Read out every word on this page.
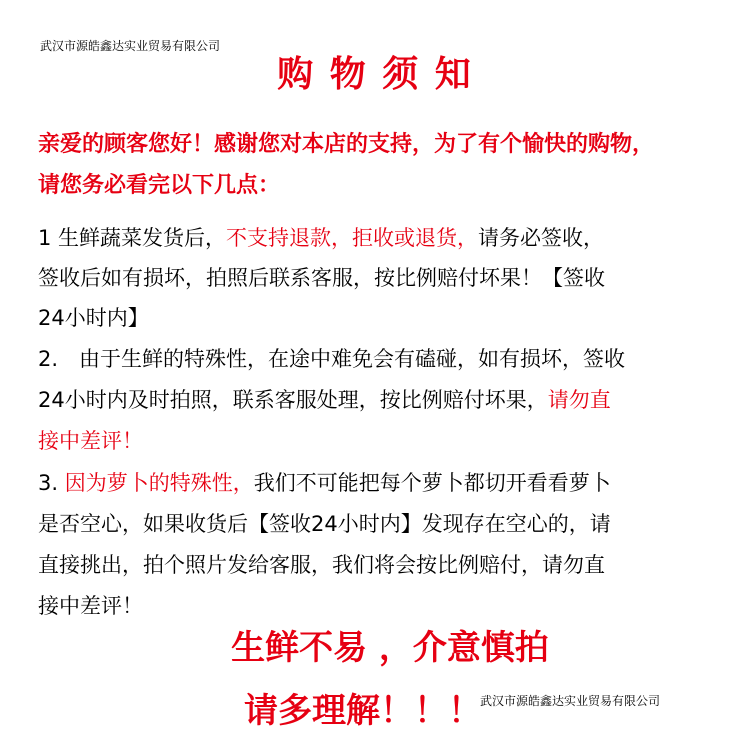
武汉市源皓鑫达实业贸易有限公司
购 物 须 知
亲爱的顾客您好！感谢您对本店的支持，为了有个愉快的购物，
请您务必看完以下几点：
1 生鲜蔬菜发货后，不支持退款，拒收或退货，请务必签收，
签收后如有损坏，拍照后联系客服，按比例赔付坏果！【签收
24小时内】
2.　由于生鲜的特殊性，在途中难免会有磕碰，如有损坏，签收
24小时内及时拍照，联系客服处理，按比例赔付坏果，请勿直
接中差评！
3. 因为萝卜的特殊性，我们不可能把每个萝卜都切开看看萝卜
是否空心，如果收货后【签收24小时内】发现存在空心的，请
直接挑出，拍个照片发给客服，我们将会按比例赔付，请勿直
接中差评！
生鲜不易 ，介意慎拍
请多理解！！！
武汉市源皓鑫达实业贸易有限公司
